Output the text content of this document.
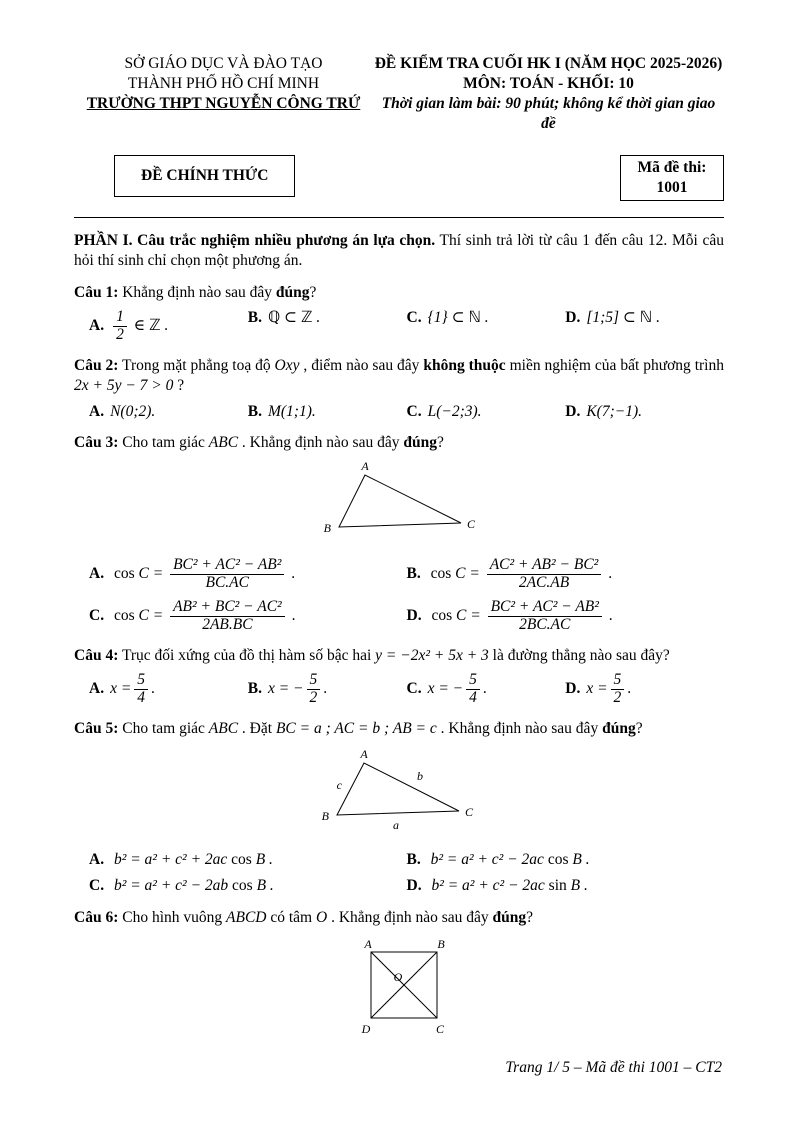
SỞ GIÁO DỤC VÀ ĐÀO TẠO
THÀNH PHỐ HỒ CHÍ MINH
TRƯỜNG THPT NGUYỄN CÔNG TRỨ
ĐỀ KIỂM TRA CUỐI HK I (NĂM HỌC 2025-2026)
MÔN: TOÁN - KHỐI: 10
Thời gian làm bài: 90 phút; không kể thời gian giao đề
ĐỀ CHÍNH THỨC	Mã đề thi:
1001

PHẦN I. Câu trắc nghiệm nhiều phương án lựa chọn. Thí sinh trả lời từ câu 1 đến câu 12. Mỗi câu hỏi thí sinh chỉ chọn một phương án.

Câu 1: Khẳng định nào sau đây đúng?

A. $\frac{1}{2}$ ∈ ℤ .	B. ℚ ⊂ ℤ .	C. {1} ⊂ ℕ .	D. [1;5] ⊂ ℕ .

Câu 2: Trong mặt phẳng toạ độ Oxy , điểm nào sau đây không thuộc miền nghiệm của bất phương trình 2x + 5y − 7 > 0 ?

A. N(0;2).	B. M(1;1).	C. L(−2;3).	D. K(7;−1).

Câu 3: Cho tam giác ABC . Khẳng định nào sau đây đúng?

A
B	C
A. $\cos C = \frac{\text{BC² + AC² − AB²}}{BC.AC}$ .	B. $\cos C = \frac{\text{AC² + AB² − BC²}}{2AC.AB}$ .
C. $\cos C = \frac{\text{AB² + BC² − AC²}}{2AB.BC}$ .	D. $\cos C = \frac{\text{BC² + AC² − AB²}}{2BC.AC}$ .

Câu 4: Trục đối xứng của đồ thị hàm số bậc hai y = −2x² + 5x + 3 là đường thẳng nào sau đây?

A. $x = \frac{5}{4}$ .	B. x = − $\frac{5}{2}$ .	C. x = − $\frac{5}{4}$ .	D. $x = \frac{5}{2}$ .

Câu 5: Cho tam giác ABC . Đặt BC = a ; AC = b ; AB = c . Khẳng định nào sau đây đúng?

A
B	C
c
b
a
A. b² = a² + c² + 2ac cos B .	B. b² = a² + c² − 2ac cos B .
C. b² = a² + c² − 2ab cos B .	D. b² = a² + c² − 2ac sin B .

Câu 6: Cho hình vuông ABCD có tâm O . Khẳng định nào sau đây đúng?

A	B
D	C
O
Trang 1/ 5 – Mã đề thi 1001 – CT2
